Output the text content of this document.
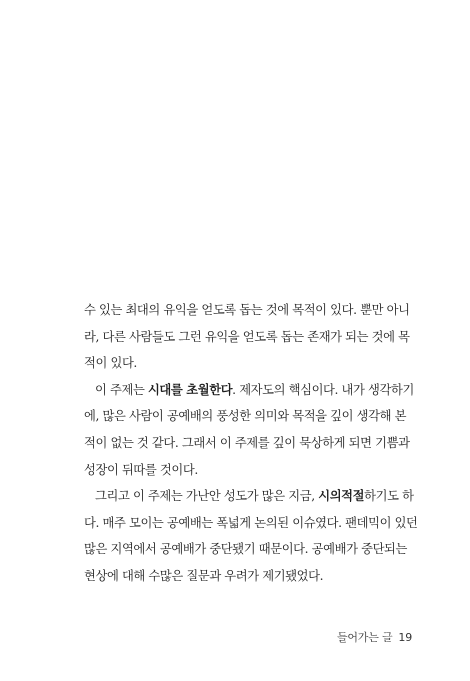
수 있는 최대의 유익을 얻도록 돕는 것에 목적이 있다. 뿐만 아니
라, 다른 사람들도 그런 유익을 얻도록 돕는 존재가 되는 것에 목
적이 있다.

이 주제는 시대를 초월한다. 제자도의 핵심이다. 내가 생각하기
에, 많은 사람이 공예배의 풍성한 의미와 목적을 깊이 생각해 본
적이 없는 것 같다. 그래서 이 주제를 깊이 묵상하게 되면 기쁨과
성장이 뒤따를 것이다.

그리고 이 주제는 가난안 성도가 많은 지금, 시의적절하기도 하
다. 매주 모이는 공예배는 폭넓게 논의된 이슈였다. 팬데믹이 있던
많은 지역에서 공예배가 중단됐기 때문이다. 공예배가 중단되는
현상에 대해 수많은 질문과 우려가 제기됐었다.

들어가는 글 19
